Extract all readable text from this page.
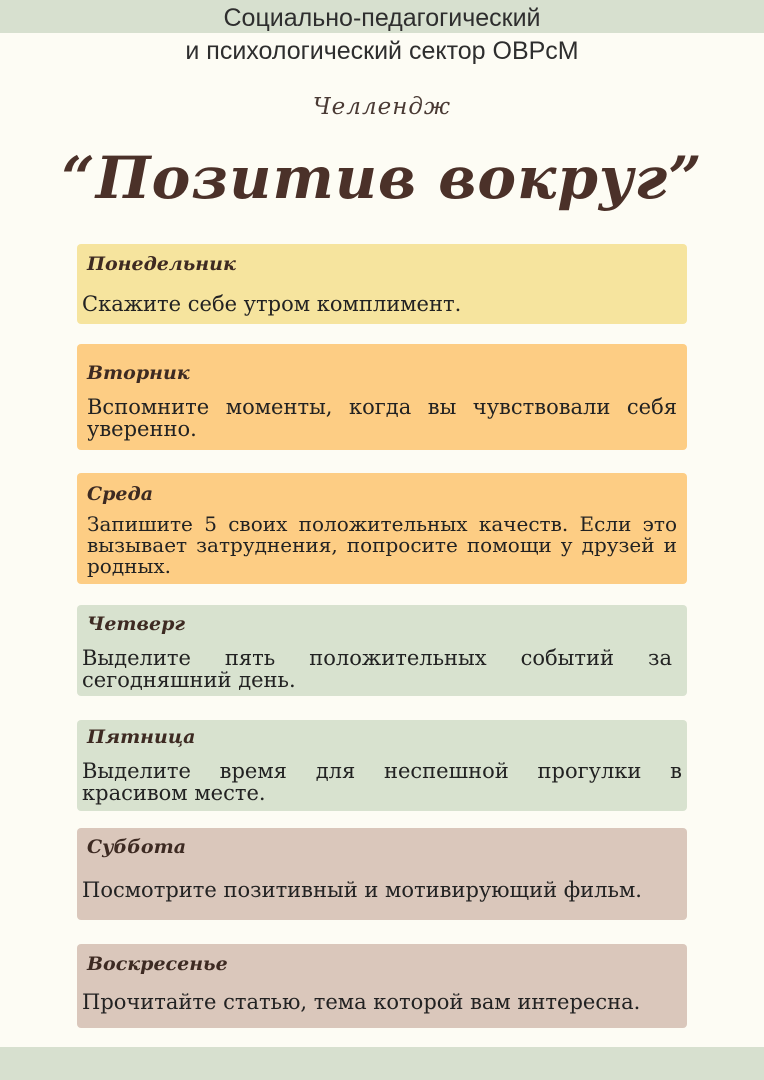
Социально-педагогический
и психологический сектор ОВРсМ
Челлендж
“Позитив вокруг”
Понедельник
Скажите себе утром комплимент.
Вторник
Вспомните моменты, когда вы чувствовали себя уверенно.
Среда
Запишите 5 своих положительных качеств. Если это вызывает затруднения, попросите помощи у друзей и родных.
Четверг
Выделите пять положительных событий за сегодняшний день.
Пятница
Выделите время для неспешной прогулки в красивом месте.
Суббота
Посмотрите позитивный и мотивирующий фильм.
Воскресенье
Прочитайте статью, тема которой вам интересна.
